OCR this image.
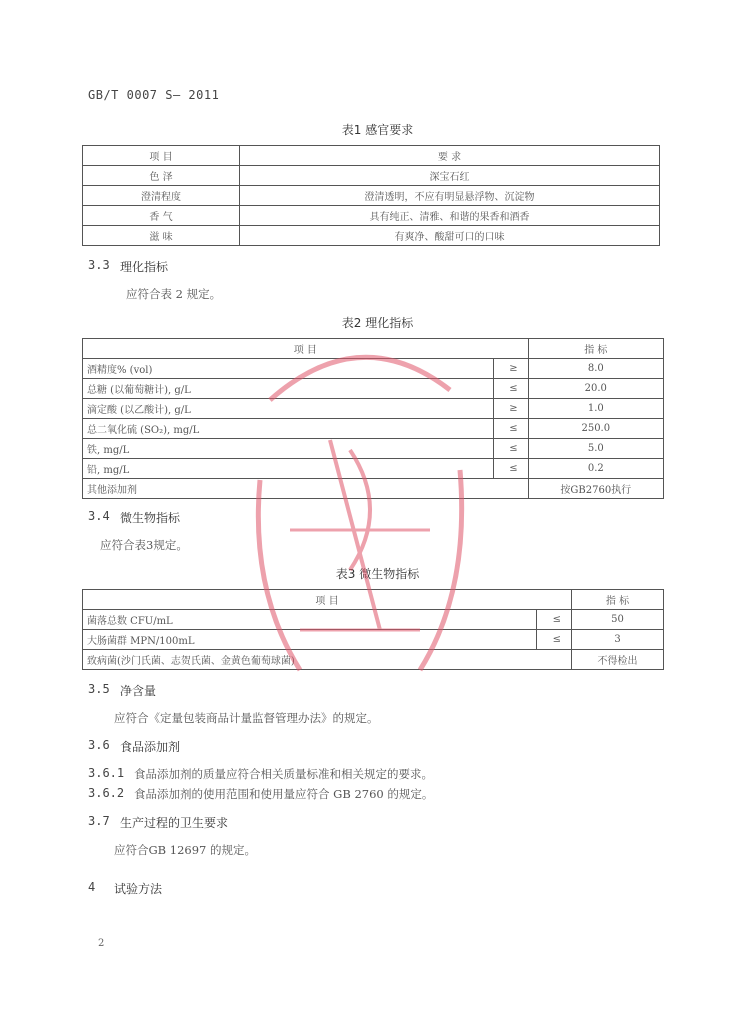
GB/T 0007 S— 2011
表1 感官要求
项 目	要 求
色 泽	深宝石红
澄清程度	澄清透明，不应有明显悬浮物、沉淀物
香 气	具有纯正、清雅、和谐的果香和酒香
滋 味	有爽净、酸甜可口的口味
3.3 理化指标
应符合表 2 规定。
表2 理化指标
项 目		指 标
酒精度% (vol)	≥	8.0
总糖 (以葡萄糖计), g/L	≤	20.0
滴定酸 (以乙酸计), g/L	≥	1.0
总二氧化硫 (SO₂), mg/L	≤	250.0
铁, mg/L	≤	5.0
铅, mg/L	≤	0.2
其他添加剂		按GB2760执行
3.4 微生物指标
应符合表3规定。
表3 微生物指标
项 目		指 标
菌落总数 CFU/mL	≤	50
大肠菌群 MPN/100mL	≤	3
致病菌(沙门氏菌、志贺氏菌、金黄色葡萄球菌)		不得检出
3.5 净含量
应符合《定量包装商品计量监督管理办法》的规定。
3.6 食品添加剂
3.6.1 食品添加剂的质量应符合相关质量标准和相关规定的要求。
3.6.2 食品添加剂的使用范围和使用量应符合 GB 2760 的规定。
3.7 生产过程的卫生要求
应符合GB 12697 的规定。
4 试验方法
2
